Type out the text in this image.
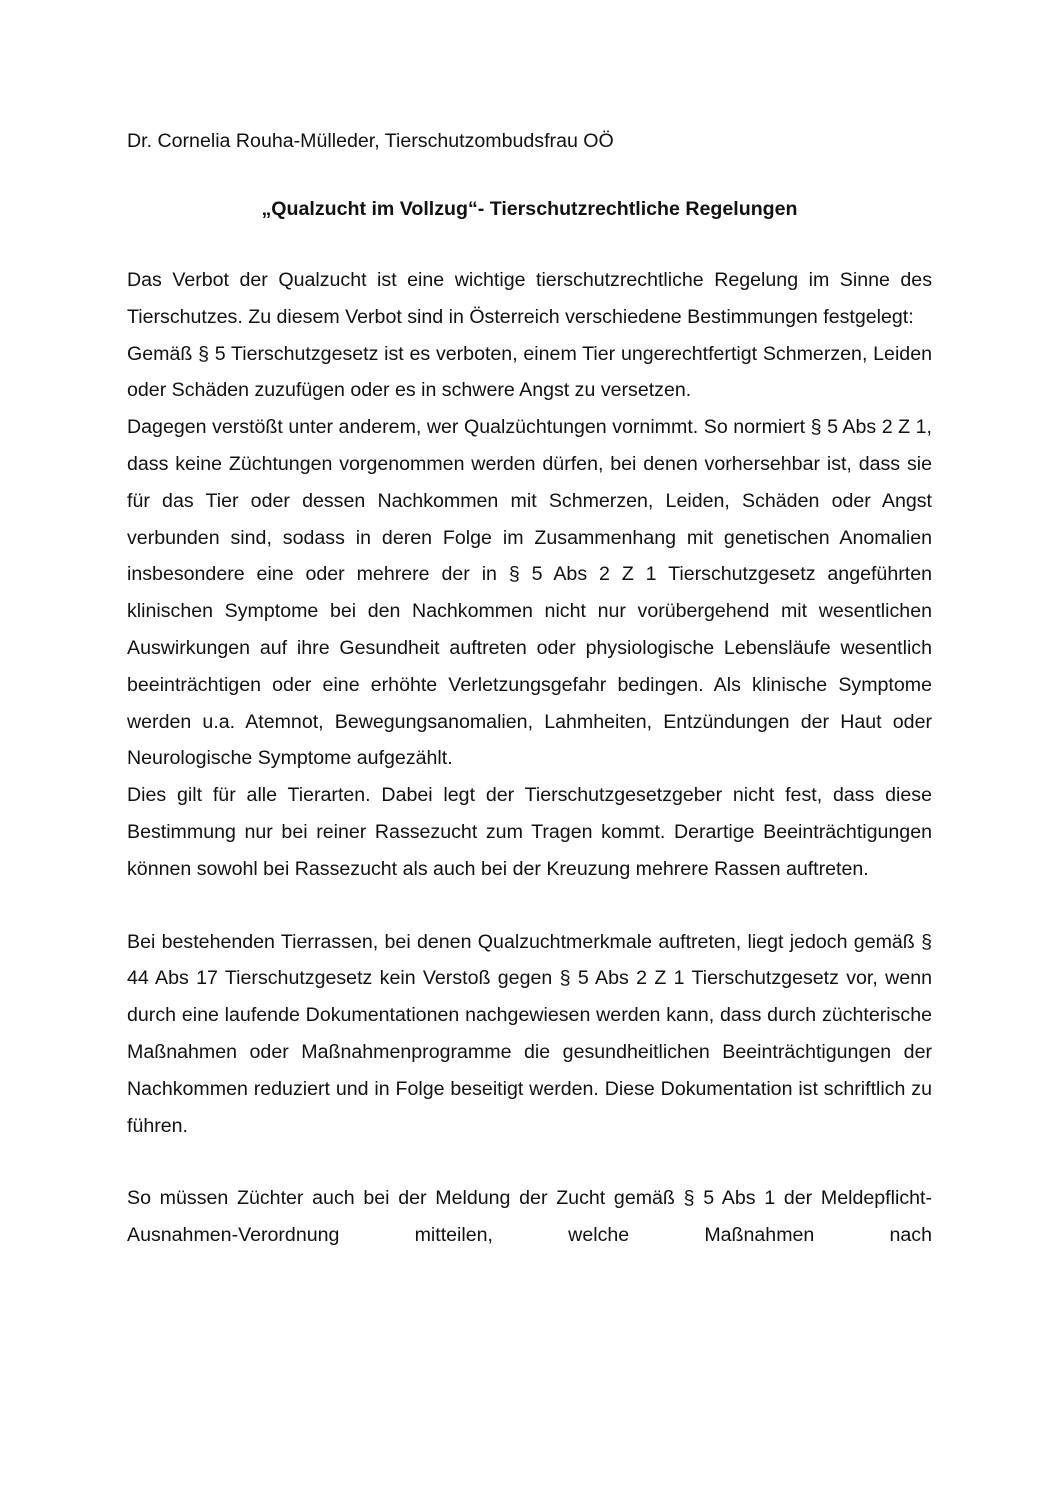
Dr. Cornelia Rouha-Mülleder, Tierschutzombudsfrau OÖ

„Qualzucht im Vollzug“- Tierschutzrechtliche Regelungen

Das Verbot der Qualzucht ist eine wichtige tierschutzrechtliche Regelung im Sinne des Tierschutzes. Zu diesem Verbot sind in Österreich verschiedene Bestimmungen festgelegt:

Gemäß § 5 Tierschutzgesetz ist es verboten, einem Tier ungerechtfertigt Schmerzen, Leiden oder Schäden zuzufügen oder es in schwere Angst zu versetzen.

Dagegen verstößt unter anderem, wer Qualzüchtungen vornimmt. So normiert § 5 Abs 2 Z 1, dass keine Züchtungen vorgenommen werden dürfen, bei denen vorhersehbar ist, dass sie für das Tier oder dessen Nachkommen mit Schmerzen, Leiden, Schäden oder Angst verbunden sind, sodass in deren Folge im Zusammenhang mit genetischen Anomalien insbesondere eine oder mehrere der in § 5 Abs 2 Z 1 Tierschutzgesetz angeführten klinischen Symptome bei den Nachkommen nicht nur vorübergehend mit wesentlichen Auswirkungen auf ihre Gesundheit auftreten oder physiologische Lebensläufe wesentlich beeinträchtigen oder eine erhöhte Verletzungsgefahr bedingen. Als klinische Symptome werden u.a. Atemnot, Bewegungsanomalien, Lahmheiten, Entzündungen der Haut oder Neurologische Symptome aufgezählt.

Dies gilt für alle Tierarten. Dabei legt der Tierschutzgesetzgeber nicht fest, dass diese Bestimmung nur bei reiner Rassezucht zum Tragen kommt. Derartige Beeinträchtigungen können sowohl bei Rassezucht als auch bei der Kreuzung mehrere Rassen auftreten.

Bei bestehenden Tierrassen, bei denen Qualzuchtmerkmale auftreten, liegt jedoch gemäß § 44 Abs 17 Tierschutzgesetz kein Verstoß gegen § 5 Abs 2 Z 1 Tierschutzgesetz vor, wenn durch eine laufende Dokumentationen nachgewiesen werden kann, dass durch züchterische Maßnahmen oder Maßnahmenprogramme die gesundheitlichen Beeinträchtigungen der Nachkommen reduziert und in Folge beseitigt werden. Diese Dokumentation ist schriftlich zu führen.

So müssen Züchter auch bei der Meldung der Zucht gemäß § 5 Abs 1 der Meldepflicht-Ausnahmen-Verordnung mitteilen, welche Maßnahmen nach
